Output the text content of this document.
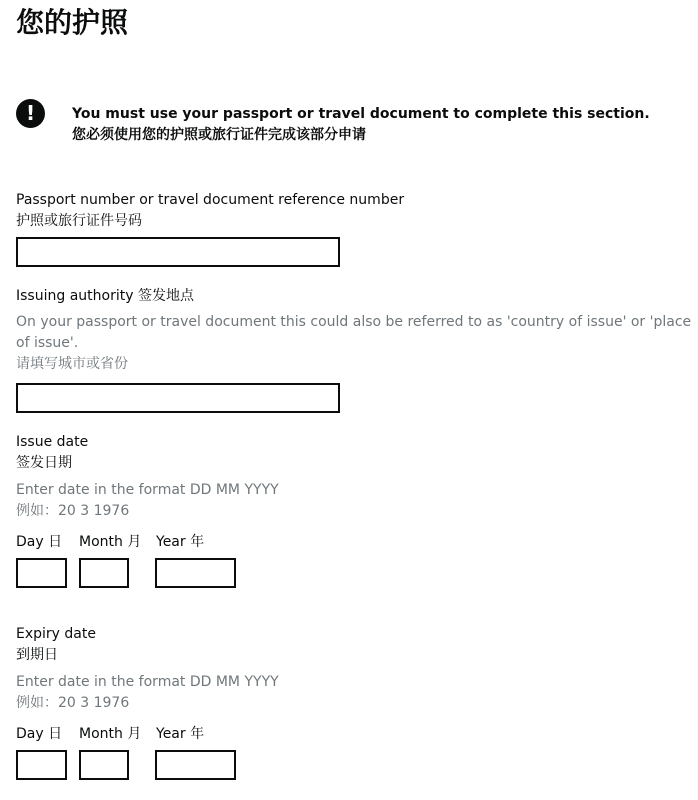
您的护照
!	You must use your passport or travel document to complete this section.
您必须使用您的护照或旅行证件完成该部分申请
Passport number or travel document reference number
护照或旅行证件号码
Issuing authority 签发地点
On your passport or travel document this could also be referred to as 'country of issue' or 'place of issue'.
请填写城市或省份
Issue date
签发日期
Enter date in the format DD MM YYYY
例如：20 3 1976
Day 日 Month 月 Year 年
Expiry date
到期日
Enter date in the format DD MM YYYY
例如：20 3 1976
Day 日 Month 月 Year 年
